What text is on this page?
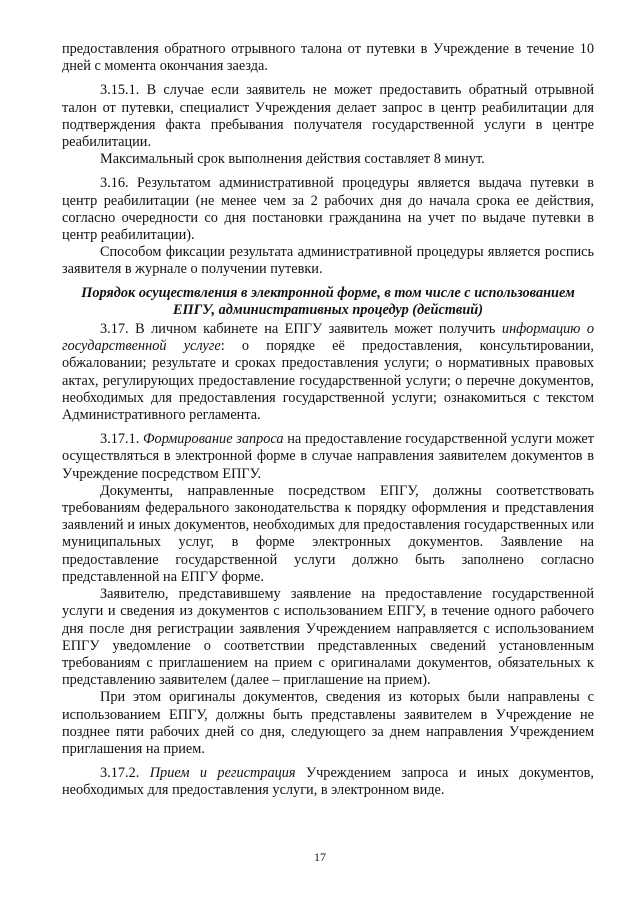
предоставления обратного отрывного талона от путевки в Учреждение в течение 10 дней с момента окончания заезда.

3.15.1. В случае если заявитель не может предоставить обратный отрывной талон от путевки, специалист Учреждения делает запрос в центр реабилитации для подтверждения факта пребывания получателя государственной услуги в центре реабилитации.

Максимальный срок выполнения действия составляет 8 минут.

3.16. Результатом административной процедуры является выдача путевки в центр реабилитации (не менее чем за 2 рабочих дня до начала срока ее действия, согласно очередности со дня постановки гражданина на учет по выдаче путевки в центр реабилитации).

Способом фиксации результата административной процедуры является роспись заявителя в журнале о получении путевки.

Порядок осуществления в электронной форме, в том числе с использованием
ЕПГУ, административных процедур (действий)

3.17. В личном кабинете на ЕПГУ заявитель может получить информацию о государственной услуге: о порядке её предоставления, консультировании, обжаловании; результате и сроках предоставления услуги; о нормативных правовых актах, регулирующих предоставление государственной услуги; о перечне документов, необходимых для предоставления государственной услуги; ознакомиться с текстом Административного регламента.

3.17.1. Формирование запроса на предоставление государственной услуги может осуществляться в электронной форме в случае направления заявителем документов в Учреждение посредством ЕПГУ.

Документы, направленные посредством ЕПГУ, должны соответствовать требованиям федерального законодательства к порядку оформления и представления заявлений и иных документов, необходимых для предоставления государственных или муниципальных услуг, в форме электронных документов. Заявление на предоставление государственной услуги должно быть заполнено согласно представленной на ЕПГУ форме.

Заявителю, представившему заявление на предоставление государственной услуги и сведения из документов с использованием ЕПГУ, в течение одного рабочего дня после дня регистрации заявления Учреждением направляется с использованием ЕПГУ уведомление о соответствии представленных сведений установленным требованиям с приглашением на прием с оригиналами документов, обязательных к представлению заявителем (далее – приглашение на прием).

При этом оригиналы документов, сведения из которых были направлены с использованием ЕПГУ, должны быть представлены заявителем в Учреждение не позднее пяти рабочих дней со дня, следующего за днем направления Учреждением приглашения на прием.

3.17.2. Прием и регистрация Учреждением запроса и иных документов, необходимых для предоставления услуги, в электронном виде.

17
